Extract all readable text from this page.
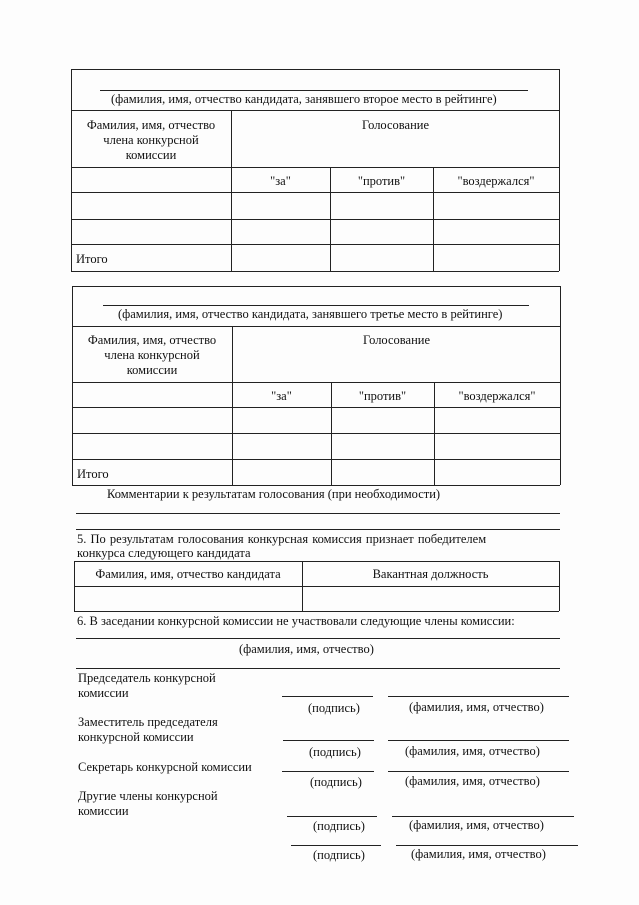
(фамилия, имя, отчество кандидата, занявшего второе место в рейтинге)
Фамилия, имя, отчество члена конкурсной комиссии
Голосование
"за"	"против"	"воздержался"
Итого
(фамилия, имя, отчество кандидата, занявшего третье место в рейтинге)
Фамилия, имя, отчество члена конкурсной комиссии
Голосование
"за"	"против"	"воздержался"
Итого
Комментарии к результатам голосования (при необходимости)
5. По результатам голосования конкурсная комиссия признает победителем
конкурса следующего кандидата
Фамилия, имя, отчество кандидата	Вакантная должность
6. В заседании конкурсной комиссии не участвовали следующие члены комиссии:
(фамилия, имя, отчество)
Председатель конкурсной комиссии
(подпись)	(фамилия, имя, отчество)
Заместитель председателя конкурсной комиссии
(подпись)	(фамилия, имя, отчество)
Секретарь конкурсной комиссии
(подпись)	(фамилия, имя, отчество)
Другие члены конкурсной комиссии
(подпись)	(фамилия, имя, отчество)
(подпись)	(фамилия, имя, отчество)
